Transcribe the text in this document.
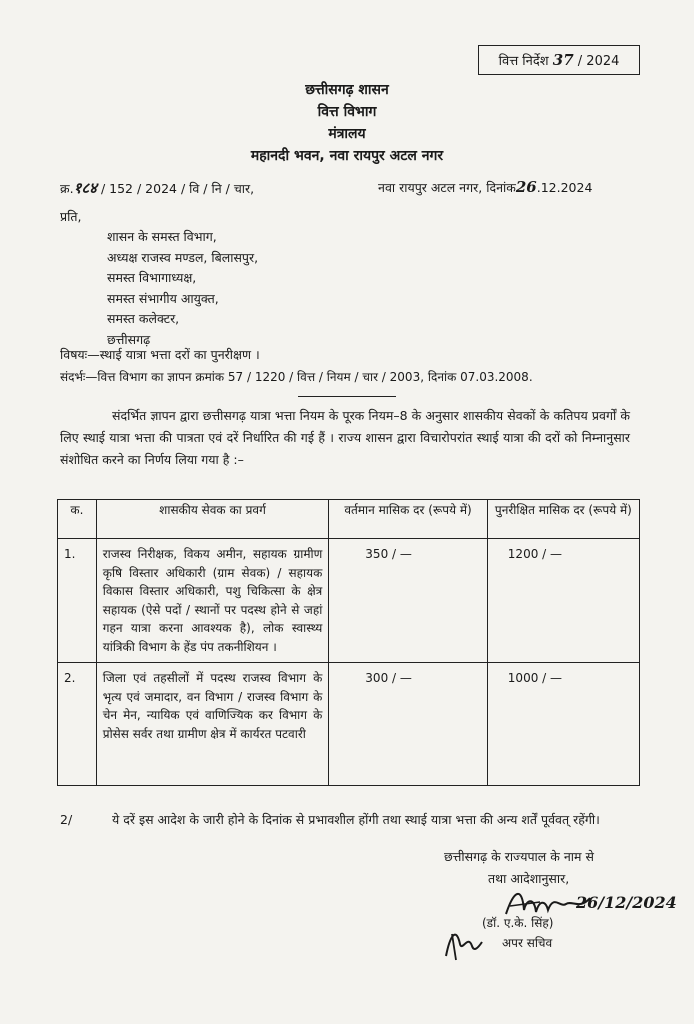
वित्त निर्देश 37 / 2024
छत्तीसगढ़ शासन
वित्त विभाग
मंत्रालय
महानदी भवन, नवा रायपुर अटल नगर
क्र.१८४ / 152 / 2024 / वि / नि / चार,	नवा रायपुर अटल नगर, दिनांक26.12.2024
प्रति,
शासन के समस्त विभाग,
अध्यक्ष राजस्व मण्डल, बिलासपुर,
समस्त विभागाध्यक्ष,
समस्त संभागीय आयुक्त,
समस्त कलेक्टर,
छत्तीसगढ़
विषयः—स्थाई यात्रा भत्ता दरों का पुनरीक्षण ।
संदर्भः—वित्त विभाग का ज्ञापन क्रमांक 57 / 1220 / वित्त / नियम / चार / 2003, दिनांक 07.03.2008.
संदर्भित ज्ञापन द्वारा छत्तीसगढ़ यात्रा भत्ता नियम के पूरक नियम–8 के अनुसार शासकीय सेवकों के कतिपय प्रवर्गों के लिए स्थाई यात्रा भत्ता की पात्रता एवं दरें निर्धारित की गई हैं । राज्य शासन द्वारा विचारोपरांत स्थाई यात्रा की दरों को निम्नानुसार संशोधित करने का निर्णय लिया गया है :–
क.	शासकीय सेवक का प्रवर्ग	वर्तमान मासिक दर (रूपये में)	पुनरीक्षित मासिक दर (रूपये में)
1.	राजस्व निरीक्षक, विकय अमीन, सहायक ग्रामीण कृषि विस्तार अधिकारी (ग्राम सेवक) / सहायक विकास विस्तार अधिकारी, पशु चिकित्सा के क्षेत्र सहायक (ऐसे पदों / स्थानों पर पदस्थ होने से जहां गहन यात्रा करना आवश्यक है), लोक स्वास्थ्य यांत्रिकी विभाग के हेंड पंप तकनीशियन ।	350 / —	1200 / —
2.	जिला एवं तहसीलों में पदस्थ राजस्व विभाग के भृत्य एवं जमादार, वन विभाग / राजस्व विभाग के चेन मेन, न्यायिक एवं वाणिज्यिक कर विभाग के प्रोसेस सर्वर तथा ग्रामीण क्षेत्र में कार्यरत पटवारी	300 / —	1000 / —
2/	ये दरें इस आदेश के जारी होने के दिनांक से प्रभावशील होंगी तथा स्थाई यात्रा भत्ता की अन्य शर्तें पूर्ववत् रहेंगी।
छत्तीसगढ़ के राज्यपाल के नाम से
तथा आदेशानुसार,
26/12/2024
(डॉ. ए.के. सिंह)
अपर सचिव
